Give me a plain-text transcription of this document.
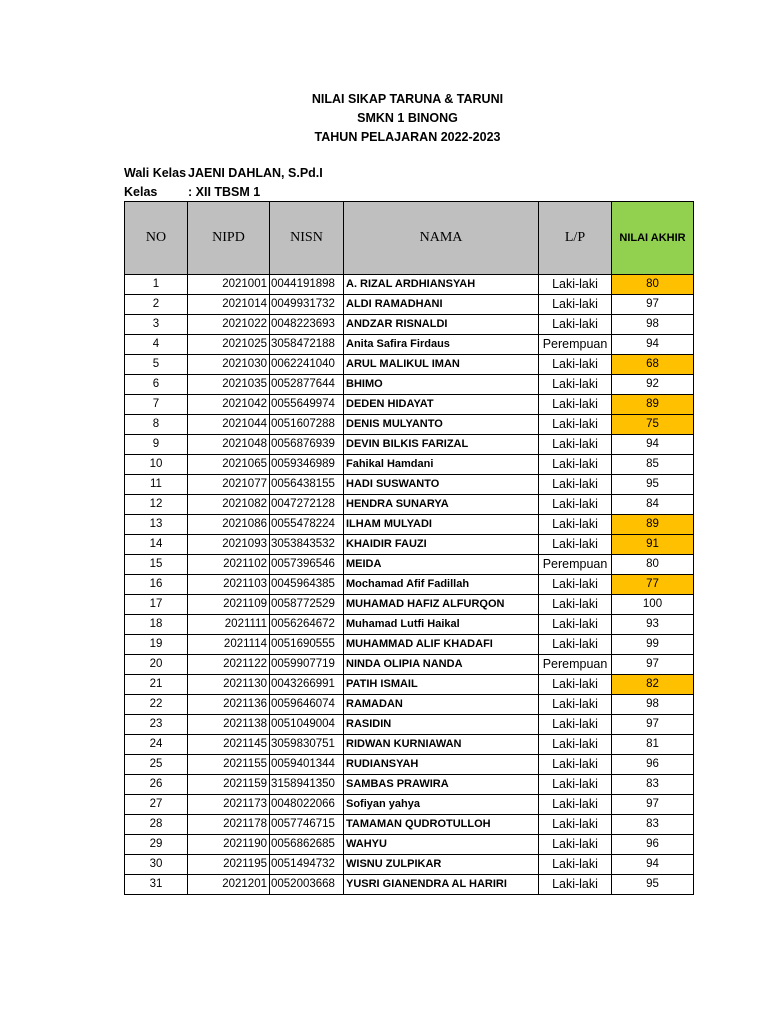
NILAI SIKAP TARUNA & TARUNI
SMKN 1 BINONG
TAHUN PELAJARAN 2022-2023
Wali Kelas JAENI DAHLAN, S.Pd.I
Kelas	: XII TBSM 1
NO	NIPD	NISN	NAMA	L/P	NILAI AKHIR
1	2021001	0044191898	A. RIZAL ARDHIANSYAH	Laki-laki	80
2	2021014	0049931732	ALDI RAMADHANI	Laki-laki	97
3	2021022	0048223693	ANDZAR RISNALDI	Laki-laki	98
4	2021025	3058472188	Anita Safira Firdaus	Perempuan	94
5	2021030	0062241040	ARUL MALIKUL IMAN	Laki-laki	68
6	2021035	0052877644	BHIMO	Laki-laki	92
7	2021042	0055649974	DEDEN HIDAYAT	Laki-laki	89
8	2021044	0051607288	DENIS MULYANTO	Laki-laki	75
9	2021048	0056876939	DEVIN BILKIS FARIZAL	Laki-laki	94
10	2021065	0059346989	Fahikal Hamdani	Laki-laki	85
11	2021077	0056438155	HADI SUSWANTO	Laki-laki	95
12	2021082	0047272128	HENDRA SUNARYA	Laki-laki	84
13	2021086	0055478224	ILHAM MULYADI	Laki-laki	89
14	2021093	3053843532	KHAIDIR FAUZI	Laki-laki	91
15	2021102	0057396546	MEIDA	Perempuan	80
16	2021103	0045964385	Mochamad Afif Fadillah	Laki-laki	77
17	2021109	0058772529	MUHAMAD HAFIZ ALFURQON	Laki-laki	100
18	2021111	0056264672	Muhamad Lutfi Haikal	Laki-laki	93
19	2021114	0051690555	MUHAMMAD ALIF KHADAFI	Laki-laki	99
20	2021122	0059907719	NINDA OLIPIA NANDA	Perempuan	97
21	2021130	0043266991	PATIH ISMAIL	Laki-laki	82
22	2021136	0059646074	RAMADAN	Laki-laki	98
23	2021138	0051049004	RASIDIN	Laki-laki	97
24	2021145	3059830751	RIDWAN KURNIAWAN	Laki-laki	81
25	2021155	0059401344	RUDIANSYAH	Laki-laki	96
26	2021159	3158941350	SAMBAS PRAWIRA	Laki-laki	83
27	2021173	0048022066	Sofiyan yahya	Laki-laki	97
28	2021178	0057746715	TAMAMAN QUDROTULLOH	Laki-laki	83
29	2021190	0056862685	WAHYU	Laki-laki	96
30	2021195	0051494732	WISNU ZULPIKAR	Laki-laki	94
31	2021201	0052003668	YUSRI GIANENDRA AL HARIRI	Laki-laki	95
